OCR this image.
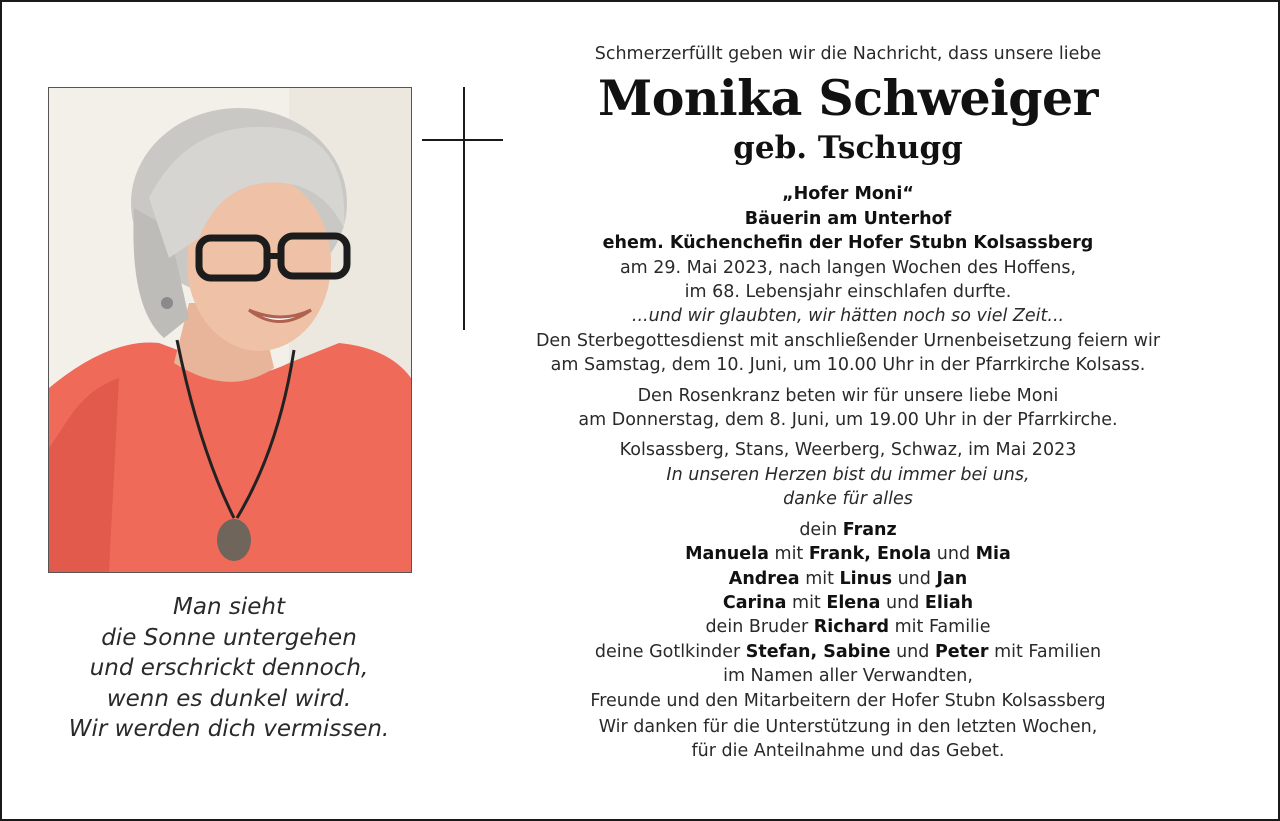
Man sieht
die Sonne untergehen
und erschrickt dennoch,
wenn es dunkel wird.
Wir werden dich vermissen.
Schmerzerfüllt geben wir die Nachricht, dass unsere liebe
Monika Schweiger
geb. Tschugg
„Hofer Moni“
Bäuerin am Unterhof
ehem. Küchenchefin der Hofer Stubn Kolsassberg
am 29. Mai 2023, nach langen Wochen des Hoffens,
im 68. Lebensjahr einschlafen durfte.
...und wir glaubten, wir hätten noch so viel Zeit...
Den Sterbegottesdienst mit anschließender Urnenbeisetzung feiern wir
am Samstag, dem 10. Juni, um 10.00 Uhr in der Pfarrkirche Kolsass.
Den Rosenkranz beten wir für unsere liebe Moni
am Donnerstag, dem 8. Juni, um 19.00 Uhr in der Pfarrkirche.
Kolsassberg, Stans, Weerberg, Schwaz, im Mai 2023
In unseren Herzen bist du immer bei uns,
danke für alles
dein Franz
Manuela mit Frank, Enola und Mia
Andrea mit Linus und Jan
Carina mit Elena und Eliah
dein Bruder Richard mit Familie
deine Gotlkinder Stefan, Sabine und Peter mit Familien
im Namen aller Verwandten,
Freunde und den Mitarbeitern der Hofer Stubn Kolsassberg
Wir danken für die Unterstützung in den letzten Wochen,
für die Anteilnahme und das Gebet.
